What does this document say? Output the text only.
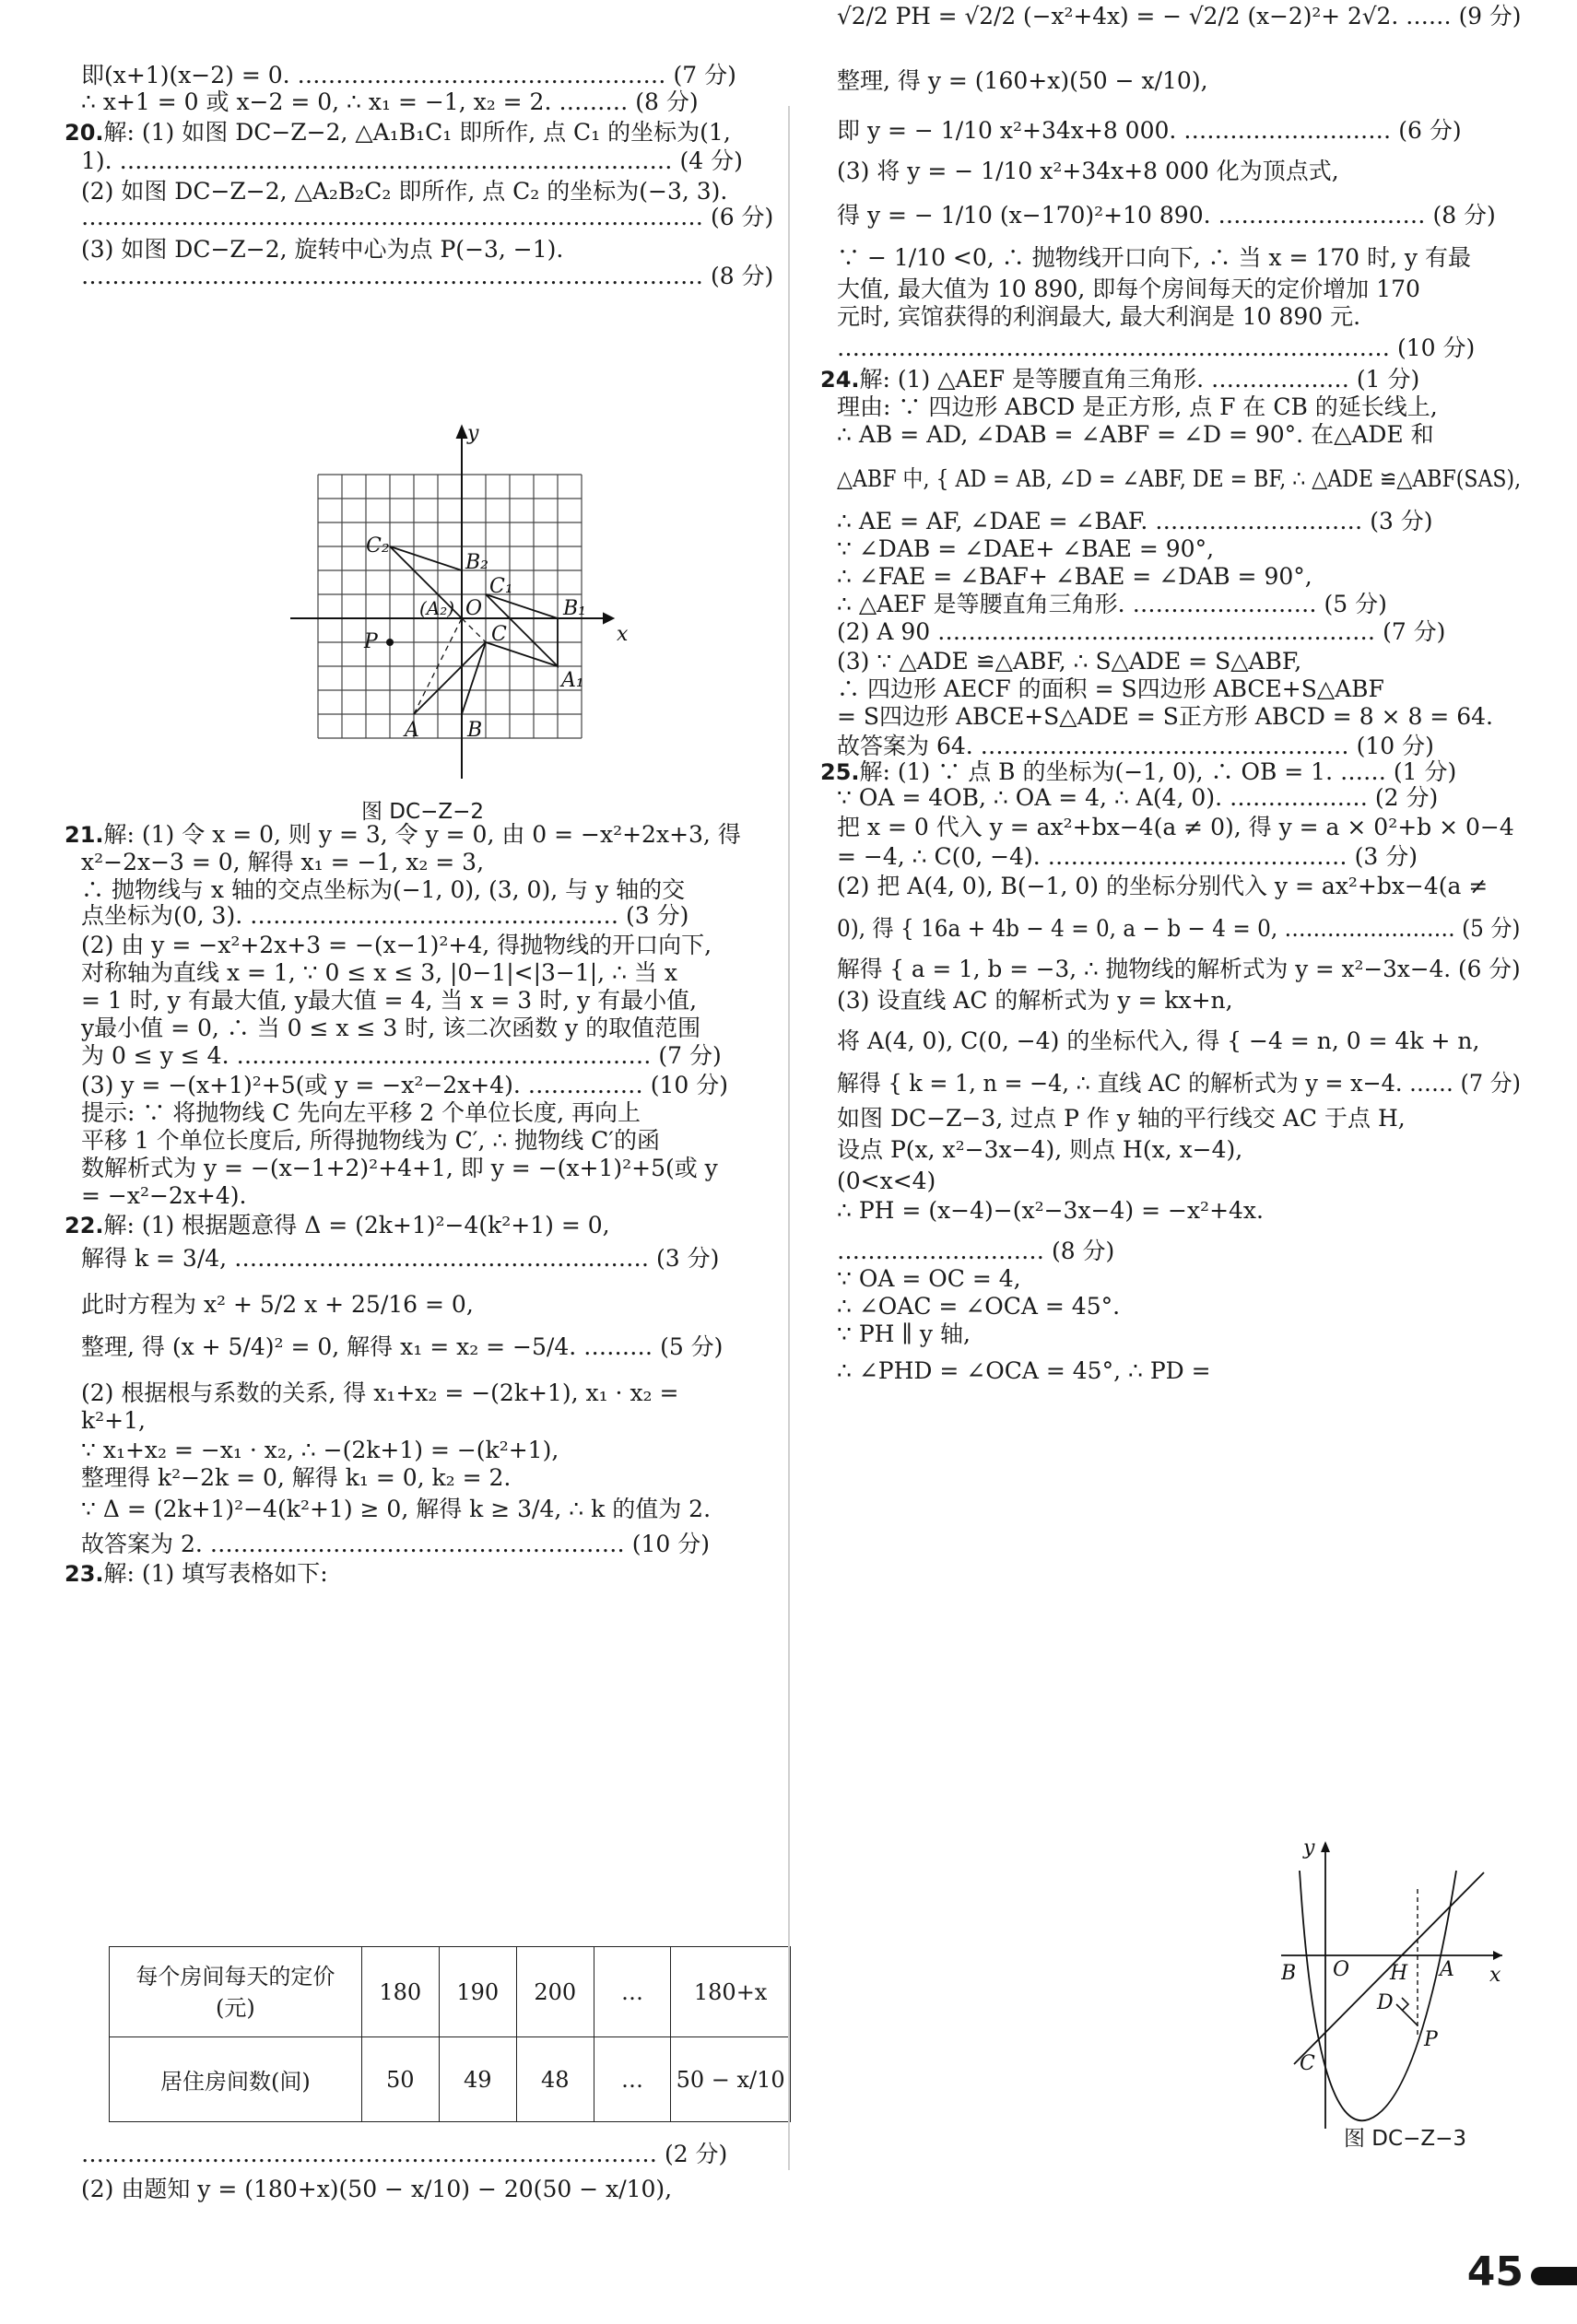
即(x+1)(x−2) = 0. ………………………………………… (7 分)
∴ x+1 = 0 或 x−2 = 0, ∴ x₁ = −1, x₂ = 2. ……… (8 分)
20.解: (1) 如图 DC−Z−2, △A₁B₁C₁ 即所作, 点 C₁ 的坐标为(1,
1). ……………………………………………………………… (4 分)
(2) 如图 DC−Z−2, △A₂B₂C₂ 即所作, 点 C₂ 的坐标为(−3, 3).
……………………………………………………………………… (6 分)
(3) 如图 DC−Z−2, 旋转中心为点 P(−3, −1).
……………………………………………………………………… (8 分)
y
x
C₂
B₂
C₁
B₁
O
(A₂)
C
P
A₁
A B
图 DC−Z−2
21.解: (1) 令 x = 0, 则 y = 3, 令 y = 0, 由 0 = −x²+2x+3, 得
x²−2x−3 = 0, 解得 x₁ = −1, x₂ = 3,
∴ 抛物线与 x 轴的交点坐标为(−1, 0), (3, 0), 与 y 轴的交
点坐标为(0, 3). ………………………………………… (3 分)
(2) 由 y = −x²+2x+3 = −(x−1)²+4, 得抛物线的开口向下,
对称轴为直线 x = 1, ∵ 0 ≤ x ≤ 3, |0−1|<|3−1|, ∴ 当 x
= 1 时, y 有最大值, y最大值 = 4, 当 x = 3 时, y 有最小值,
y最小值 = 0, ∴ 当 0 ≤ x ≤ 3 时, 该二次函数 y 的取值范围
为 0 ≤ y ≤ 4. ……………………………………………… (7 分)
(3) y = −(x+1)²+5(或 y = −x²−2x+4). …………… (10 分)
提示: ∵ 将抛物线 C 先向左平移 2 个单位长度, 再向上
平移 1 个单位长度后, 所得抛物线为 C′, ∴ 抛物线 C′的函
数解析式为 y = −(x−1+2)²+4+1, 即 y = −(x+1)²+5(或 y
= −x²−2x+4).
22.解: (1) 根据题意得 Δ = (2k+1)²−4(k²+1) = 0,
解得 k = 3/4, ……………………………………………… (3 分)
此时方程为 x² + 5/2 x + 25/16 = 0,
整理, 得 (x + 5/4)² = 0, 解得 x₁ = x₂ = −5/4. ……… (5 分)
(2) 根据根与系数的关系, 得 x₁+x₂ = −(2k+1), x₁ · x₂ =
k²+1,
∵ x₁+x₂ = −x₁ · x₂, ∴ −(2k+1) = −(k²+1),
整理得 k²−2k = 0, 解得 k₁ = 0, k₂ = 2.
∵ Δ = (2k+1)²−4(k²+1) ≥ 0, 解得 k ≥ 3/4, ∴ k 的值为 2.
故答案为 2. ……………………………………………… (10 分)
23.解: (1) 填写表格如下:
每个房间每天的定价(元)	180	190	200	…	180+x
居住房间数(间)	50	49	48	…	50 − x/10
………………………………………………………………… (2 分)
(2) 由题知 y = (180+x)(50 − x/10) − 20(50 − x/10),
整理, 得 y = (160+x)(50 − x/10),
即 y = − 1/10 x²+34x+8 000. ……………………… (6 分)
(3) 将 y = − 1/10 x²+34x+8 000 化为顶点式,
得 y = − 1/10 (x−170)²+10 890. ……………………… (8 分)
∵ − 1/10 <0, ∴ 抛物线开口向下, ∴ 当 x = 170 时, y 有最
大值, 最大值为 10 890, 即每个房间每天的定价增加 170
元时, 宾馆获得的利润最大, 最大利润是 10 890 元.
……………………………………………………………… (10 分)
24.解: (1) △AEF 是等腰直角三角形. ……………… (1 分)
理由: ∵ 四边形 ABCD 是正方形, 点 F 在 CB 的延长线上,
∴ AB = AD, ∠DAB = ∠ABF = ∠D = 90°. 在△ADE 和
△ABF 中, { AD = AB, ∠D = ∠ABF, DE = BF, ∴ △ADE ≌△ABF(SAS),
∴ AE = AF, ∠DAE = ∠BAF. ……………………… (3 分)
∵ ∠DAB = ∠DAE+ ∠BAE = 90°,
∴ ∠FAE = ∠BAF+ ∠BAE = ∠DAB = 90°,
∴ △AEF 是等腰直角三角形. …………………… (5 分)
(2) A 90 ………………………………………………… (7 分)
(3) ∵ △ADE ≌△ABF, ∴ S△ADE = S△ABF,
∴ 四边形 AECF 的面积 = S四边形 ABCE+S△ABF
= S四边形 ABCE+S△ADE = S正方形 ABCD = 8 × 8 = 64.
故答案为 64. ………………………………………… (10 分)
25.解: (1) ∵ 点 B 的坐标为(−1, 0), ∴ OB = 1. …… (1 分)
∵ OA = 4OB, ∴ OA = 4, ∴ A(4, 0). ……………… (2 分)
把 x = 0 代入 y = ax²+bx−4(a ≠ 0), 得 y = a × 0²+b × 0−4
= −4, ∴ C(0, −4). ………………………………… (3 分)
(2) 把 A(4, 0), B(−1, 0) 的坐标分别代入 y = ax²+bx−4(a ≠
0), 得 { 16a + 4b − 4 = 0, a − b − 4 = 0, …………………… (5 分)
解得 { a = 1, b = −3, ∴ 抛物线的解析式为 y = x²−3x−4. (6 分)
(3) 设直线 AC 的解析式为 y = kx+n,
将 A(4, 0), C(0, −4) 的坐标代入, 得 { −4 = n, 0 = 4k + n,
解得 { k = 1, n = −4, ∴ 直线 AC 的解析式为 y = x−4. …… (7 分)
如图 DC−Z−3, 过点 P 作 y 轴的平行线交 AC 于点 H,
设点 P(x, x²−3x−4), 则点 H(x, x−4),
(0<x<4)
∴ PH = (x−4)−(x²−3x−4) = −x²+4x.
……………………… (8 分)
∵ OA = OC = 4,
∴ ∠OAC = ∠OCA = 45°.
∵ PH ∥ y 轴,
∴ ∠PHD = ∠OCA = 45°, ∴ PD =
√2/2 PH = √2/2 (−x²+4x) = − √2/2 (x−2)²+ 2√2. …… (9 分)
y
x
B O H A
D
C
P
图 DC−Z−3
45
